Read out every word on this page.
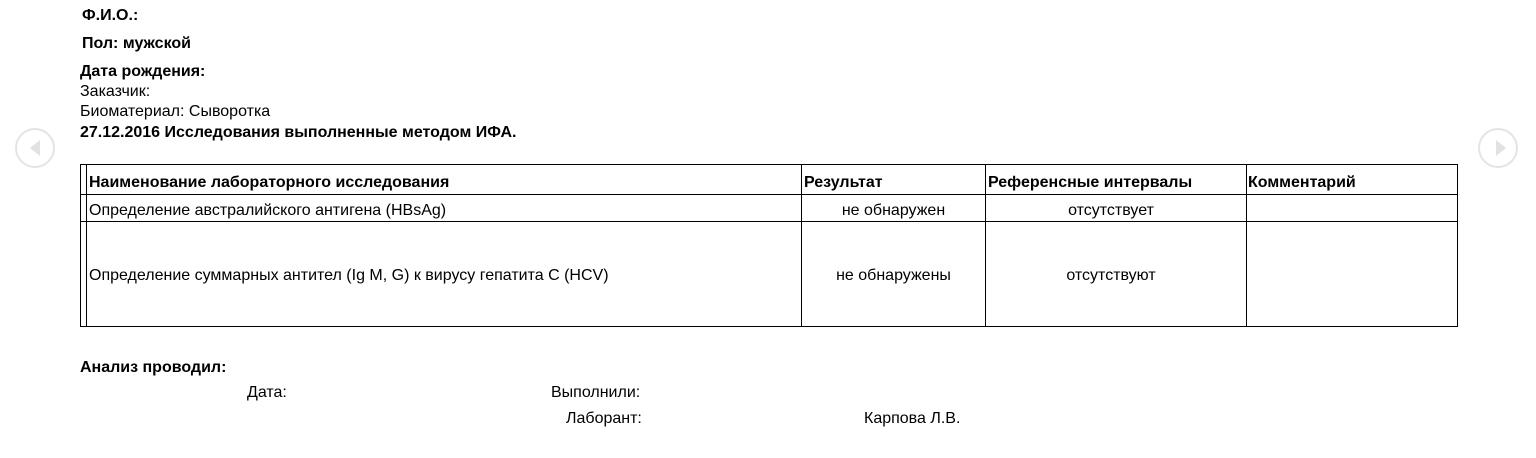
Ф.И.О.:
Пол: мужской
Дата рождения:
Заказчик:
Биоматериал: Сыворотка
27.12.2016 Исследования выполненные методом ИФА.
Наименование лабораторного исследования	Результат	Референсные интервалы	Комментарий
Определение австралийского антигена (HBsAg)	не обнаружен	отсутствует
Определение суммарных антител (Ig M, G) к вирусу гепатита С (HCV)	не обнаружены	отсутствуют
Анализ проводил:
Дата:	Выполнили:
Лаборант:	Карпова Л.В.
